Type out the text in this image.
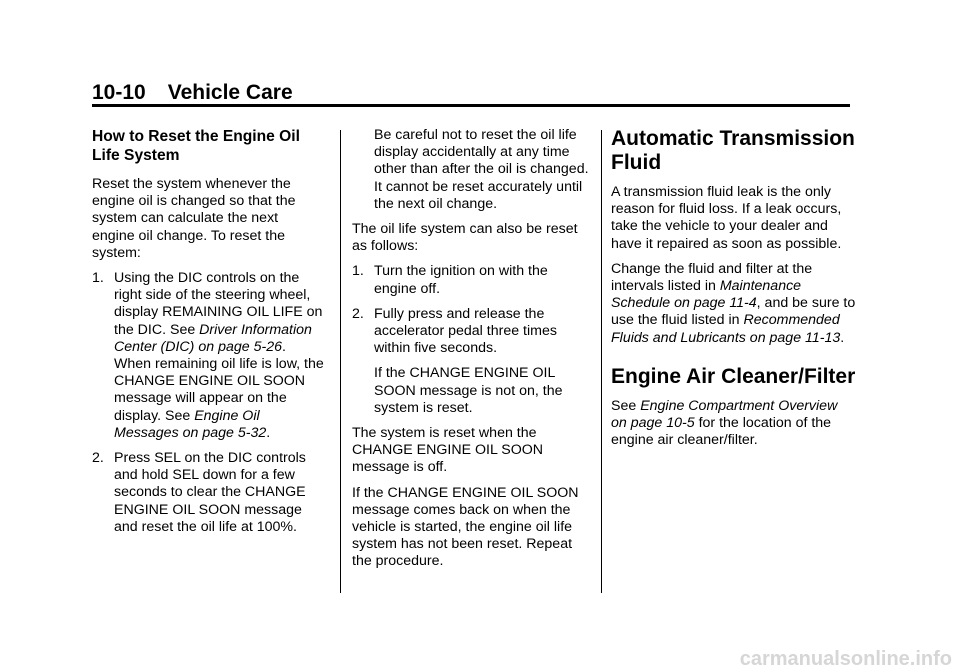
10-10 Vehicle Care
How to Reset the Engine Oil Life System

Reset the system whenever the engine oil is changed so that the system can calculate the next engine oil change. To reset the system:

1. Using the DIC controls on the right side of the steering wheel, display REMAINING OIL LIFE on the DIC. See Driver Information Center (DIC) on page 5-26. When remaining oil life is low, the CHANGE ENGINE OIL SOON message will appear on the display. See Engine Oil Messages on page 5-32.
2. Press SEL on the DIC controls and hold SEL down for a few seconds to clear the CHANGE ENGINE OIL SOON message and reset the oil life at 100%.

Be careful not to reset the oil life display accidentally at any time other than after the oil is changed. It cannot be reset accurately until the next oil change.

The oil life system can also be reset as follows:

1. Turn the ignition on with the engine off.
2. Fully press and release the accelerator pedal three times within five seconds.

If the CHANGE ENGINE OIL SOON message is not on, the system is reset.

The system is reset when the CHANGE ENGINE OIL SOON message is off.

If the CHANGE ENGINE OIL SOON message comes back on when the vehicle is started, the engine oil life system has not been reset. Repeat the procedure.

Automatic Transmission Fluid

A transmission fluid leak is the only reason for fluid loss. If a leak occurs, take the vehicle to your dealer and have it repaired as soon as possible.

Change the fluid and filter at the intervals listed in Maintenance Schedule on page 11-4, and be sure to use the fluid listed in Recommended Fluids and Lubricants on page 11-13.

Engine Air Cleaner/Filter

See Engine Compartment Overview on page 10-5 for the location of the engine air cleaner/filter.

carmanualsonline.info
